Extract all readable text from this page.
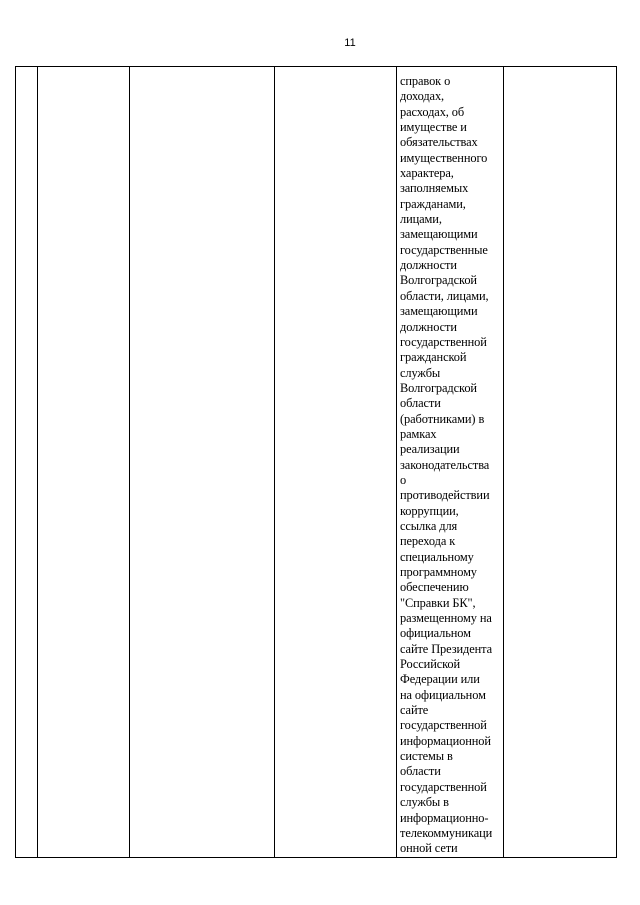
11

справок о
доходах,
расходах, об
имуществе и
обязательствах
имущественного
характера,
заполняемых
гражданами,
лицами,
замещающими
государственные
должности
Волгоградской
области, лицами,
замещающими
должности
государственной
гражданской
службы
Волгоградской
области
(работниками) в
рамках
реализации
законодательства
о
противодействии
коррупции,
ссылка для
перехода к
специальному
программному
обеспечению
"Справки БК",
размещенному на
официальном
сайте Президента
Российской
Федерации или
на официальном
сайте
государственной
информационной
системы в
области
государственной
службы в
информационно-
телекоммуникаци
онной сети
